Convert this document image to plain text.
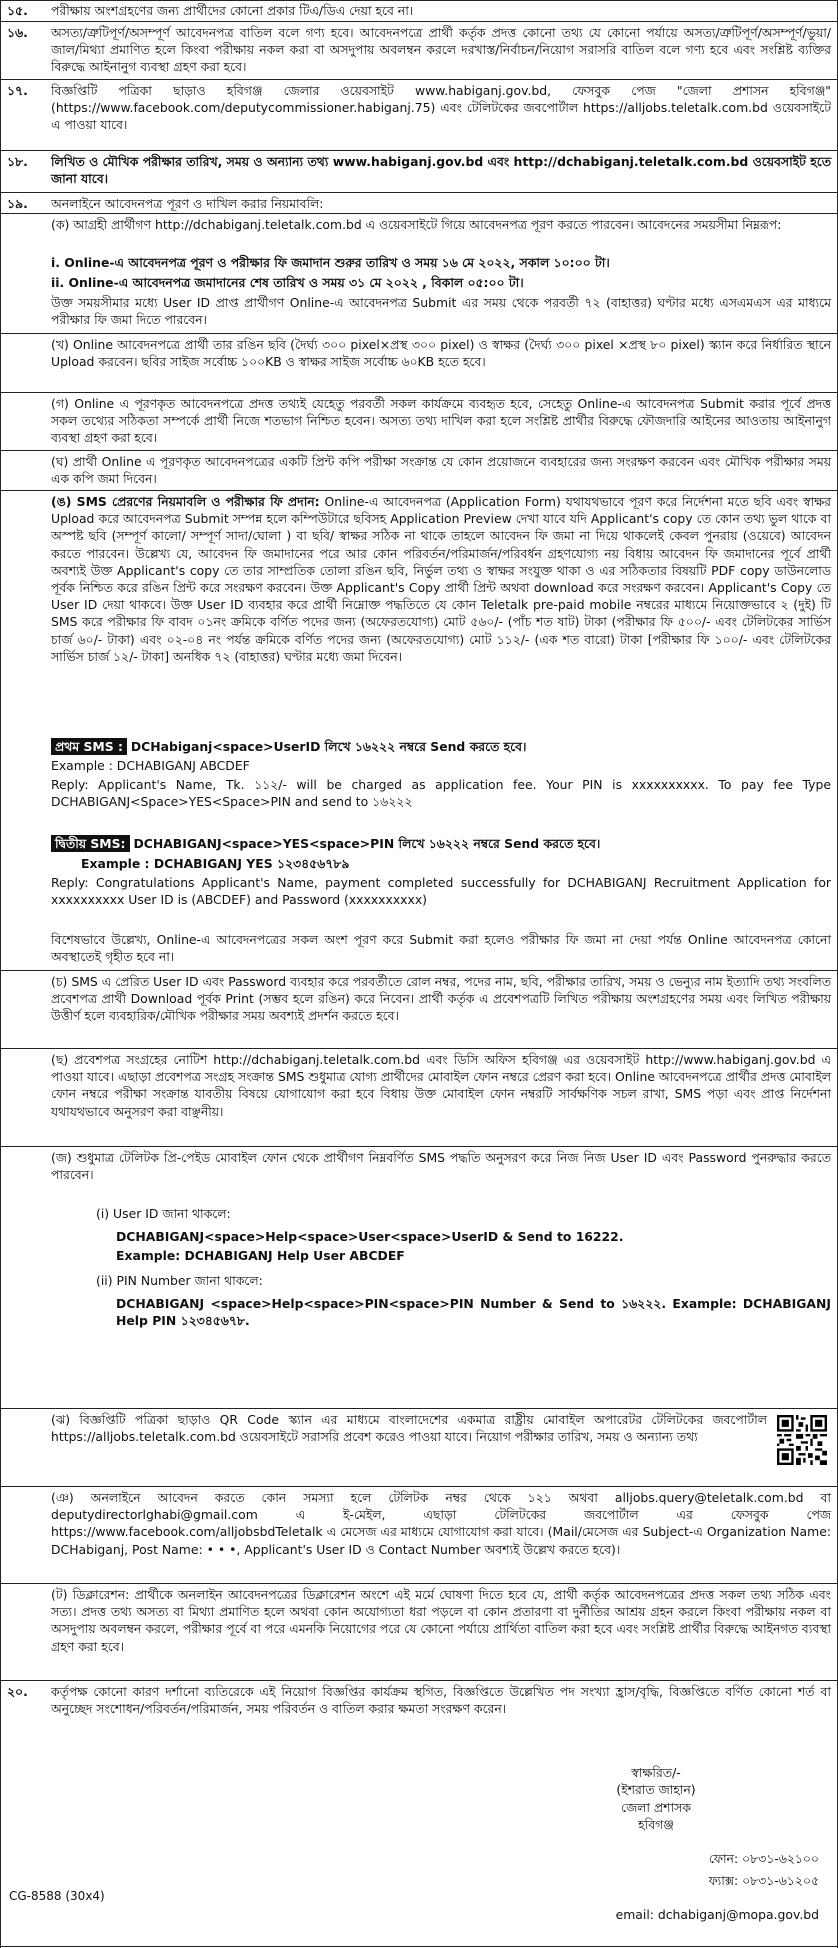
১৫.	পরীক্ষায় অংশগ্রহণের জন্য প্রার্থীদের কোনো প্রকার টিএ/ডিএ দেয়া হবে না।
১৬.	অসত্য/ত্রুটিপূর্ণ/অসম্পূর্ণ আবেদনপত্র বাতিল বলে গণ্য হবে। আবেদনপত্রে প্রার্থী কর্তৃক প্রদত্ত কোনো তথ্য যে কোনো পর্যায়ে অসত্য/ত্রুটিপূর্ণ/অসম্পূর্ণ/ভুয়া/ জাল/মিথ্যা প্রমাণিত হলে কিংবা পরীক্ষায় নকল করা বা অসদুপায় অবলম্বন করলে দরখাস্ত/নির্বাচন/নিয়োগ সরাসরি বাতিল বলে গণ্য হবে এবং সংশ্লিষ্ট ব্যক্তির বিরুদ্ধে আইনানুগ ব্যবস্থা গ্রহণ করা হবে।
১৭.	বিজ্ঞপ্তিটি পত্রিকা ছাড়াও হবিগঞ্জ জেলার ওয়েবসাইট www.habiganj.gov.bd, ফেসবুক পেজ "জেলা প্রশাসন হবিগঞ্জ" (https://www.facebook.com/deputycommissioner.habiganj.75) এবং টেলিটকের জবপোর্টাল https://alljobs.teletalk.com.bd ওয়েবসাইটে এ পাওয়া যাবে।
১৮.	লিখিত ও মৌখিক পরীক্ষার তারিখ, সময় ও অন্যান্য তথ্য www.habiganj.gov.bd এবং http://dchabiganj.teletalk.com.bd ওয়েবসাইট হতে জানা যাবে।
১৯.	অনলাইনে আবেদনপত্র পূরণ ও দাখিল করার নিয়মাবলি:
(ক) আগ্রহী প্রার্থীগণ http://dchabiganj.teletalk.com.bd এ ওয়েবসাইটে গিয়ে আবেদনপত্র পূরণ করতে পারবেন। আবেদনের সময়সীমা নিম্নরূপ:
i. Online-এ আবেদনপত্র পূরণ ও পরীক্ষার ফি জমাদান শুরুর তারিখ ও সময় ১৬ মে ২০২২, সকাল ১০:০০ টা।
ii. Online-এ আবেদনপত্র জমাদানের শেষ তারিখ ও সময় ৩১ মে ২০২২ , বিকাল ০৫:০০ টা।
উক্ত সময়সীমার মধ্যে User ID প্রাপ্ত প্রার্থীগণ Online-এ আবেদনপত্র Submit এর সময় থেকে পরবর্তী ৭২ (বাহাত্তর) ঘণ্টার মধ্যে এসএমএস এর মাধ্যমে পরীক্ষার ফি জমা দিতে পারবেন।
(খ) Online আবেদনপত্রে প্রার্থী তার রঙিন ছবি (দৈর্ঘ্য ৩০০ pixel×প্রস্থ ৩০০ pixel) ও স্বাক্ষর (দৈর্ঘ্য ৩০০ pixel ×প্রস্থ ৮০ pixel) স্ক্যান করে নির্ধারিত স্থানে Upload করবেন। ছবির সাইজ সর্বোচ্চ ১০০KB ও স্বাক্ষর সাইজ সর্বোচ্চ ৬০KB হতে হবে।
(গ) Online এ পূরণকৃত আবেদনপত্রে প্রদত্ত তথ্যই যেহেতু পরবর্তী সকল কার্যক্রমে ব্যবহৃত হবে, সেহেতু Online-এ আবেদনপত্র Submit করার পূর্বে প্রদত্ত সকল তথ্যের সঠিকতা সম্পর্কে প্রার্থী নিজে শতভাগ নিশ্চিত হবেন। অসত্য তথ্য দাখিল করা হলে সংশ্লিষ্ট প্রার্থীর বিরুদ্ধে ফৌজদারি আইনের আওতায় আইনানুগ ব্যবস্থা গ্রহণ করা হবে।
(ঘ) প্রার্থী Online এ পূরণকৃত আবেদনপত্রের একটি প্রিন্ট কপি পরীক্ষা সংক্রান্ত যে কোন প্রয়োজনে ব্যবহারের জন্য সংরক্ষণ করবেন এবং মৌখিক পরীক্ষার সময় এক কপি জমা দিবেন।
(ঙ) SMS প্রেরণের নিয়মাবলি ও পরীক্ষার ফি প্রদান: Online-এ আবেদনপত্র (Application Form) যথাযথভাবে পূরণ করে নির্দেশনা মতে ছবি এবং স্বাক্ষর Upload করে আবেদনপত্র Submit সম্পন্ন হলে কম্পিউটারে ছবিসহ Application Preview দেখা যাবে যদি Applicant's copy তে কোন তথ্য ভুল থাকে বা অস্পষ্ট ছবি (সম্পূর্ণ কালো/ সম্পূর্ণ সাদা/ঘোলা ) বা ছবি/ স্বাক্ষর সঠিক না থাকে তাহলে আবেদন ফি জমা না দিয়ে থাকলেই কেবল পুনরায় (ওয়েবে) আবেদন করতে পারবেন। উল্লেখ্য যে, আবেদন ফি জমাদানের পরে আর কোন পরিবর্তন/পরিমার্জন/পরিবর্ধন গ্রহণযোগ্য নয় বিধায় আবেদন ফি জমাদানের পূর্বে প্রার্থী অবশ্যই উক্ত Applicant's copy তে তার সাম্প্রতিক তোলা রঙিন ছবি, নির্ভুল তথ্য ও স্বাক্ষর সংযুক্ত থাকা ও এর সঠিকতার বিষয়টি PDF copy ডাউনলোড পূর্বক নিশ্চিত করে রঙিন প্রিন্ট করে সংরক্ষণ করবেন। উক্ত Applicant's Copy প্রার্থী প্রিন্ট অথবা download করে সংরক্ষণ করবেন। Applicant's Copy তে User ID দেয়া থাকবে। উক্ত User ID ব্যবহার করে প্রার্থী নিম্নোক্ত পদ্ধতিতে যে কোন Teletalk pre-paid mobile নম্বরের মাধ্যমে নিয়োক্তভাবে ২ (দুই) টি SMS করে পরীক্ষার ফি বাবদ ০১নং ক্রমিকে বর্ণিত পদের জন্য (অফেরতযোগ্য) মোট ৫৬০/- (পাঁচ শত ষাট) টাকা (পরীক্ষার ফি ৫০০/- এবং টেলিটকের সার্ভিস চার্জ ৬০/- টাকা) এবং ০২-০৪ নং পর্যন্ত ক্রমিকে বর্ণিত পদের জন্য (অফেরতযোগ্য) মোট ১১২/- (এক শত বারো) টাকা [পরীক্ষার ফি ১০০/- এবং টেলিটকের সার্ভিস চার্জ ১২/- টাকা] অনধিক ৭২ (বাহাত্তর) ঘণ্টার মধ্যে জমা দিবেন।
প্রথম SMS : DCHabiganj<space>UserID লিখে ১৬২২২ নম্বরে Send করতে হবে।
Example : DCHABIGANJ ABCDEF
Reply: Applicant's Name, Tk. ১১২/- will be charged as application fee. Your PIN is xxxxxxxxxx. To pay fee Type DCHABIGANJ<Space>YES<Space>PIN and send to ১৬২২২
দ্বিতীয় SMS: DCHABIGANJ<space>YES<space>PIN লিখে ১৬২২২ নম্বরে Send করতে হবে।
Example : DCHABIGANJ YES ১২৩৪৫৬৭৮৯
Reply: Congratulations Applicant's Name, payment completed successfully for DCHABIGANJ Recruitment Application for xxxxxxxxxx User ID is (ABCDEF) and Password (xxxxxxxxxx)
বিশেষভাবে উল্লেখ্য, Online-এ আবেদনপত্রের সকল অংশ পূরণ করে Submit করা হলেও পরীক্ষার ফি জমা না দেয়া পর্যন্ত Online আবেদনপত্র কোনো অবস্থাতেই গৃহীত হবে না।
(চ) SMS এ প্রেরিত User ID এবং Password ব্যবহার করে পরবর্তীতে রোল নম্বর, পদের নাম, ছবি, পরীক্ষার তারিখ, সময় ও ভেন্যুর নাম ইত্যাদি তথ্য সংবলিত প্রবেশপত্র প্রার্থী Download পূর্বক Print (সম্ভব হলে রঙিন) করে নিবেন। প্রার্থী কর্তৃক এ প্রবেশপত্রটি লিখিত পরীক্ষায় অংশগ্রহণের সময় এবং লিখিত পরীক্ষায় উত্তীর্ণ হলে ব্যবহারিক/মৌখিক পরীক্ষার সময় অবশ্যই প্রদর্শন করতে হবে।
(ছ) প্রবেশপত্র সংগ্রহের নোটিশ http://dchabiganj.teletalk.com.bd এবং ডিসি অফিস হবিগঞ্জ এর ওয়েবসাইট http://www.habiganj.gov.bd এ পাওয়া যাবে। এছাড়া প্রবেশপত্র সংগ্রহ সংক্রান্ত SMS শুধুমাত্র যোগ্য প্রার্থীদের মোবাইল ফোন নম্বরে প্রেরণ করা হবে। Online আবেদনপত্রে প্রার্থীর প্রদত্ত মোবাইল ফোন নম্বরে পরীক্ষা সংক্রান্ত যাবতীয় বিষয়ে যোগাযোগ করা হবে বিধায় উক্ত মোবাইল ফোন নম্বরটি সার্বক্ষণিক সচল রাখা, SMS পড়া এবং প্রাপ্ত নির্দেশনা যথাযথভাবে অনুসরণ করা বাঞ্ছনীয়।
(জ) শুধুমাত্র টেলিটক প্রি-পেইড মোবাইল ফোন থেকে প্রার্থীগণ নিম্নবর্ণিত SMS পদ্ধতি অনুসরণ করে নিজ নিজ User ID এবং Password পুনরুদ্ধার করতে পারবেন।
(i) User ID জানা থাকলে:
DCHABIGANJ<space>Help<space>User<space>UserID & Send to 16222.
Example: DCHABIGANJ Help User ABCDEF
(ii) PIN Number জানা থাকলে:
DCHABIGANJ <space>Help<space>PIN<space>PIN Number & Send to ১৬২২২. Example: DCHABIGANJ Help PIN ১২৩৪৫৬৭৮.
(ঝ) বিজ্ঞপ্তিটি পত্রিকা ছাড়াও QR Code স্ক্যান এর মাধ্যমে বাংলাদেশের একমাত্র রাষ্ট্রীয় মোবাইল অপারেটর টেলিটকের জবপোর্টাল https://alljobs.teletalk.com.bd ওয়েবসাইটে সরাসরি প্রবেশ করেও পাওয়া যাবে। নিয়োগ পরীক্ষার তারিখ, সময় ও অন্যান্য তথ্য
(ঞ) অনলাইনে আবেদন করতে কোন সমস্যা হলে টেলিটক নম্বর থেকে ১২১ অথবা alljobs.query@teletalk.com.bd বা deputydirectorlghabi@gmail.com এ ই-মেইল, এছাড়া টেলিটকের জবপোর্টাল এর ফেসবুক পেজ https://www.facebook.com/alljobsbdTeletalk এ মেসেজ এর মাধ্যমে যোগাযোগ করা যাবে। (Mail/মেসেজ এর Subject-এ Organization Name: DCHabiganj, Post Name: • • •, Applicant's User ID ও Contact Number অবশ্যই উল্লেখ করতে হবে)।
(ট) ডিক্লারেশন: প্রার্থীকে অনলাইন আবেদনপত্রের ডিক্লারেশন অংশে এই মর্মে ঘোষণা দিতে হবে যে, প্রার্থী কর্তৃক আবেদনপত্রের প্রদত্ত সকল তথ্য সঠিক এবং সত্য। প্রদত্ত তথ্য অসত্য বা মিথ্যা প্রমাণিত হলে অথবা কোন অযোগ্যতা ধরা পড়লে বা কোন প্রতারণা বা দুর্নীতির আশ্রয় গ্রহন করলে কিংবা পরীক্ষায় নকল বা অসদুপায় অবলম্বন করলে, পরীক্ষার পূর্বে বা পরে এমনকি নিয়োগের পরে যে কোনো পর্যায়ে প্রার্থিতা বাতিল করা হবে এবং সংশ্লিষ্ট প্রার্থীর বিরুদ্ধে আইনগত ব্যবস্থা গ্রহণ করা হবে।
২০.	কর্তৃপক্ষ কোনো কারণ দর্শানো ব্যতিরেকে এই নিয়োগ বিজ্ঞপ্তির কার্যক্রম স্থগিত, বিজ্ঞপ্তিতে উল্লেখিত পদ সংখ্যা হ্রাস/বৃদ্ধি, বিজ্ঞপ্তিতে বর্ণিত কোনো শর্ত বা অনুচ্ছেদ সংশোধন/পরিবর্তন/পরিমার্জন, সময় পরিবর্তন ও বাতিল করার ক্ষমতা সংরক্ষণ করেন।
স্বাক্ষরিত/-
(ইশরাত জাহান)
জেলা প্রশাসক
হবিগঞ্জ
ফোন: ০৮৩১-৬২১০০
ফ্যাক্স: ০৮৩১-৬১২০৫
CG-8588 (30x4)
email: dchabiganj@mopa.gov.bd
